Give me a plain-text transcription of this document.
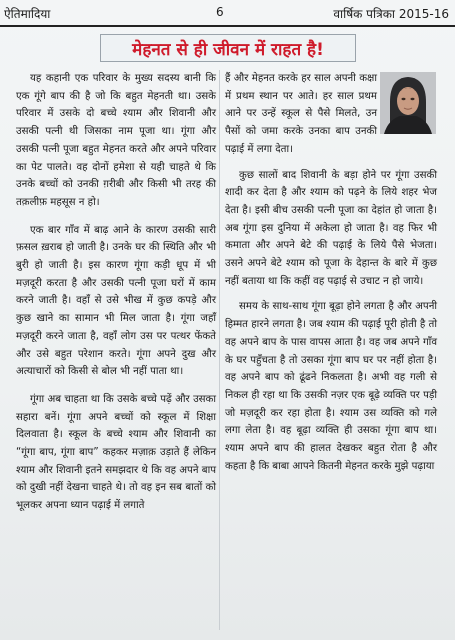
ऐतिमादिया	6	वार्षिक पत्रिका 2015-16
मेहनत से ही जीवन में राहत है!

यह कहानी एक परिवार के मुख्य सदस्य बानी कि एक गूंगे बाप की है जो कि बहुत मेहनती था। उसके परिवार में उसके दो बच्चे श्याम और शिवानी और उसकी पत्नी थी जिसका नाम पूजा था। गूंगा और उसकी पत्नी पूजा बहुत मेहनत करते और अपने परिवार का पेट पालते। वह दोनों हमेशा से यही चाहते थे कि उनके बच्चों को उनकी ग़रीबी और किसी भी तरह की तक़लीफ़ महसूस न हो।

एक बार गाँव में बाढ़ आने के कारण उसकी सारी फ़सल ख़राब हो जाती है। उनके घर की स्थिति और भी बुरी हो जाती है। इस कारण गूंगा कड़ी धूप में भी मज़दूरी करता है और उसकी पत्नी पूजा घरों में काम करने जाती है। वहाँ से उसे भीख में कुछ कपड़े और कुछ खाने का सामान भी मिल जाता है। गूंगा जहाँ मज़दूरी करने जाता है, वहाँ लोग उस पर पत्थर फेंकते और उसे बहुत परेशान करते। गूंगा अपने दुख और अत्याचारों को किसी से बोल भी नहीं पाता था।

गूंगा अब चाहता था कि उसके बच्चे पढ़ें और उसका सहारा बनें। गूंगा अपने बच्चों को स्कूल में शिक्षा दिलवाता है। स्कूल के बच्चे श्याम और शिवानी का “गूंगा बाप, गूंगा बाप” कहकर मज़ाक़ उड़ाते हैं लेकिन श्याम और शिवानी इतने समझदार थे कि वह अपने बाप को दुखी नहीं देखना चाहते थे। तो वह इन सब बातों को भूलकर अपना ध्यान पढ़ाई में लगाते

हैं और मेहनत करके हर साल अपनी कक्षा में प्रथम स्थान पर आते। हर साल प्रथम आने पर उन्हें स्कूल से पैसे मिलते, उन पैसों को जमा करके उनका बाप उनकी पढ़ाई में लगा देता।

कुछ सालों बाद शिवानी के बड़ा होने पर गूंगा उसकी शादी कर देता है और श्याम को पढ़ने के लिये शहर भेज देता है। इसी बीच उसकी पत्नी पूजा का देहांत हो जाता है। अब गूंगा इस दुनिया में अकेला हो जाता है। वह फिर भी कमाता और अपने बेटे की पढ़ाई के लिये पैसे भेजता। उसने अपने बेटे श्याम को पूजा के देहान्त के बारे में कुछ नहीं बताया था कि कहीं वह पढ़ाई से उचाट न हो जाये।

समय के साथ-साथ गूंगा बूढ़ा होने लगता है और अपनी हिम्मत हारने लगता है। जब श्याम की पढ़ाई पूरी होती है तो वह अपने बाप के पास वापस आता है। वह जब अपने गाँव के घर पहुँचता है तो उसका गूंगा बाप घर पर नहीं होता है। वह अपने बाप को ढूंढने निकलता है। अभी वह गली से निकल ही रहा था कि उसकी नज़र एक बूढ़े व्यक्ति पर पड़ी जो मज़दूरी कर रहा होता है। श्याम उस व्यक्ति को गले लगा लेता है। वह बूढ़ा व्यक्ति ही उसका गूंगा बाप था। श्याम अपने बाप की हालत देखकर बहुत रोता है और कहता है कि बाबा आपने कितनी मेहनत करके मुझे पढ़ाया
